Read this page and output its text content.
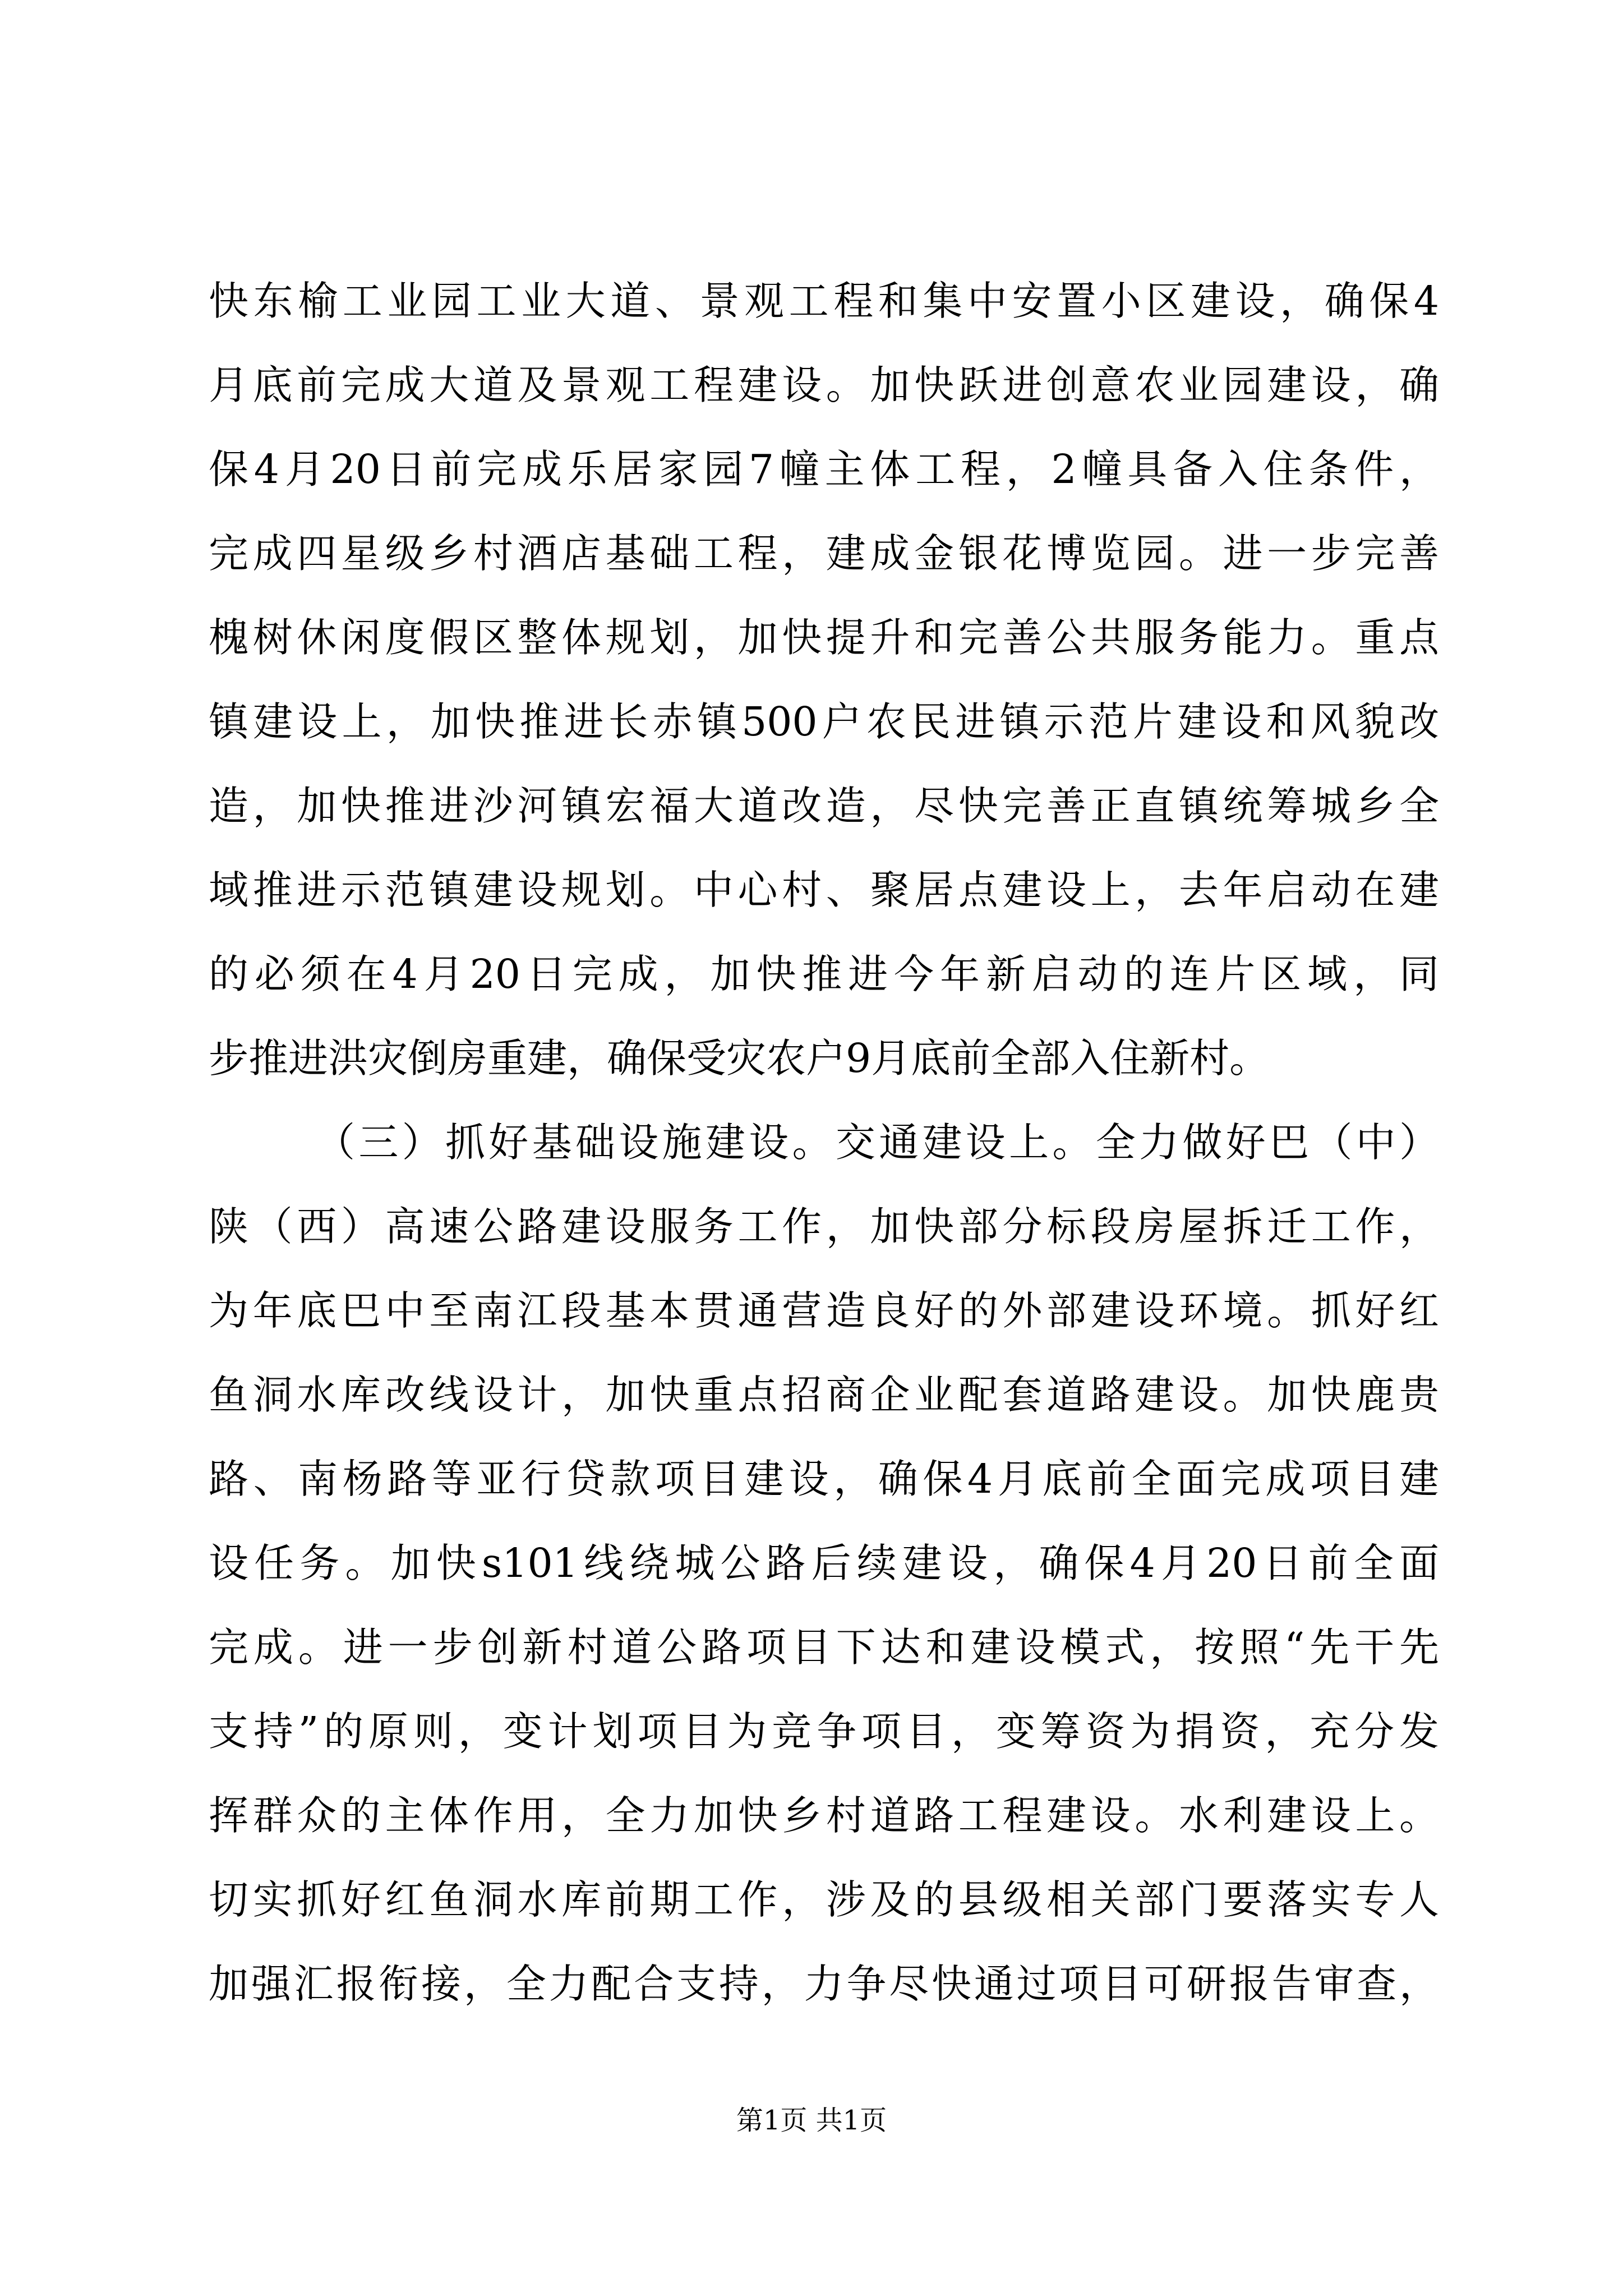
快东榆工业园工业大道、景观工程和集中安置小区建设，确保4
月底前完成大道及景观工程建设。加快跃进创意农业园建设，确
保4月20日前完成乐居家园7幢主体工程，2幢具备入住条件，
完成四星级乡村酒店基础工程，建成金银花博览园。进一步完善
槐树休闲度假区整体规划，加快提升和完善公共服务能力。重点
镇建设上，加快推进长赤镇500户农民进镇示范片建设和风貌改
造，加快推进沙河镇宏福大道改造，尽快完善正直镇统筹城乡全
域推进示范镇建设规划。中心村、聚居点建设上，去年启动在建
的必须在4月20日完成，加快推进今年新启动的连片区域，同
步推进洪灾倒房重建，确保受灾农户9月底前全部入住新村。
（三）抓好基础设施建设。交通建设上。全力做好巴（中）
陕（西）高速公路建设服务工作，加快部分标段房屋拆迁工作，
为年底巴中至南江段基本贯通营造良好的外部建设环境。抓好红
鱼洞水库改线设计，加快重点招商企业配套道路建设。加快鹿贵
路、南杨路等亚行贷款项目建设，确保4月底前全面完成项目建
设任务。加快s101线绕城公路后续建设，确保4月20日前全面
完成。进一步创新村道公路项目下达和建设模式，按照“先干先
支持”的原则，变计划项目为竞争项目，变筹资为捐资，充分发
挥群众的主体作用，全力加快乡村道路工程建设。水利建设上。
切实抓好红鱼洞水库前期工作，涉及的县级相关部门要落实专人
加强汇报衔接，全力配合支持，力争尽快通过项目可研报告审查，
第1页 共1页
